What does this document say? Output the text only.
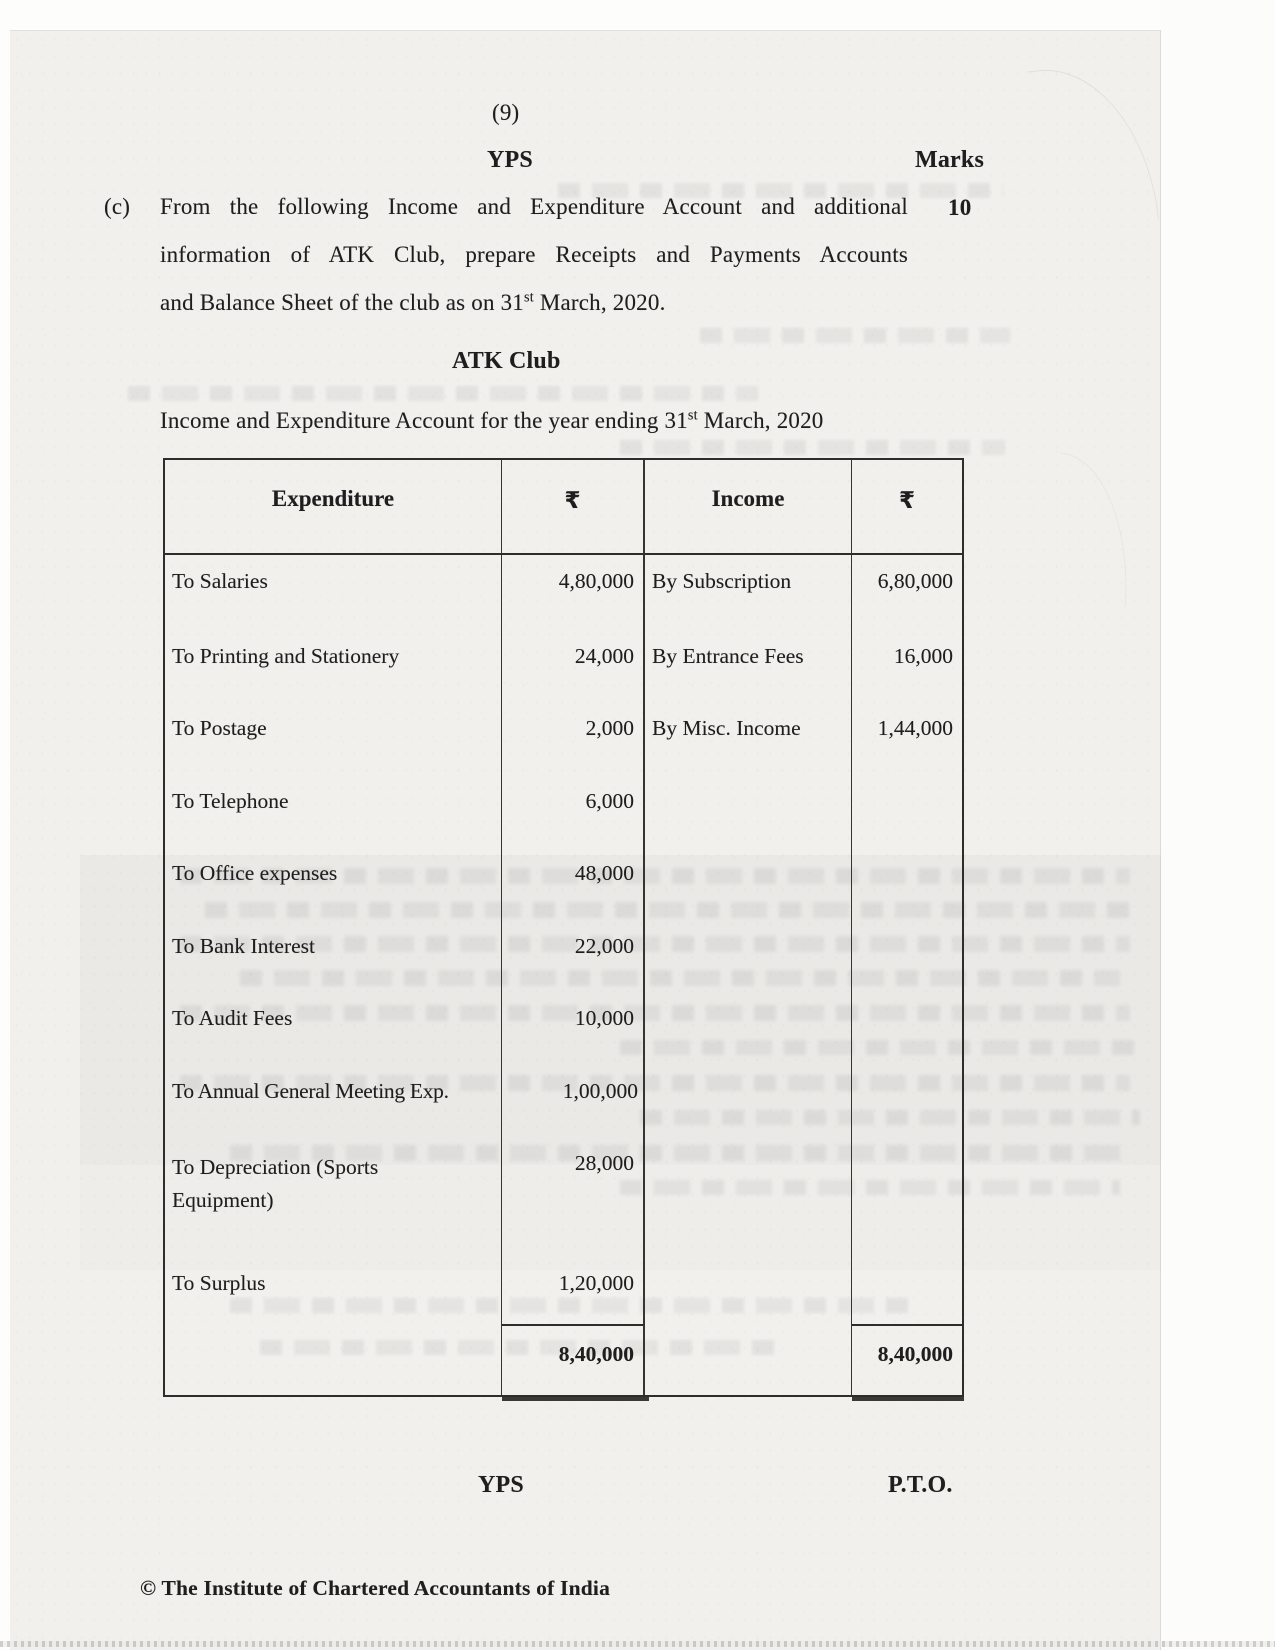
(9)
YPS	Marks
(c)	10
From the following Income and Expenditure Account and additional
information of ATK Club, prepare Receipts and Payments Accounts
and Balance Sheet of the club as on 31st March, 2020.
ATK Club
Income and Expenditure Account for the year ending 31st March, 2020
Expenditure	₹	Income	₹
To Salaries	4,80,000 By Subscription	6,80,000
To Printing and Stationery	24,000 By Entrance Fees	16,000
To Postage	2,000 By Misc. Income	1,44,000
To Telephone	6,000
To Office expenses	48,000
To Bank Interest	22,000
To Audit Fees	10,000
To Annual General Meeting Exp.	1,00,000
To Depreciation (Sports Equipment)
28,000
To Surplus	1,20,000
8,40,000	8,40,000
YPS	P.T.O.
© The Institute of Chartered Accountants of India
